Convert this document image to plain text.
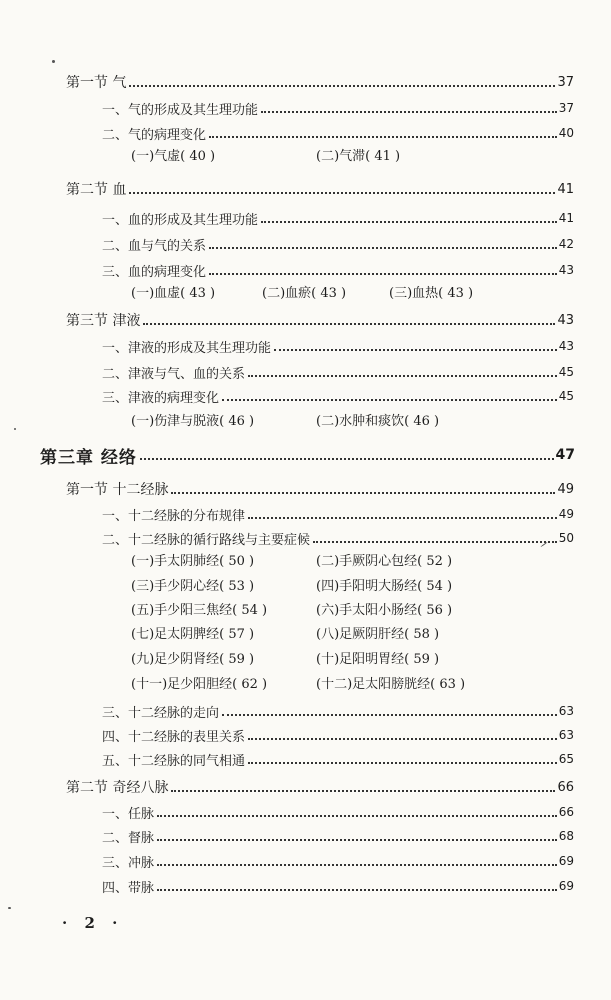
· 2 ·
第一节 气	37
一、气的形成及其生理功能	37
二、气的病理变化	40
(一)气虚( 40 )	(二)气滞( 41 )
第二节 血	41
一、血的形成及其生理功能	41
二、血与气的关系	42
三、血的病理变化	43
(一)血虚( 43 )	(二)血瘀( 43 )	(三)血热( 43 )
第三节 津液	43
一、津液的形成及其生理功能	43
二、津液与气、血的关系	45
三、津液的病理变化	45
(一)伤津与脱液( 46 )	(二)水肿和痰饮( 46 )
第三章 经络	47
第一节 十二经脉	49
一、十二经脉的分布规律	49
二、十二经脉的循行路线与主要症候	50
(一)手太阴肺经( 50 )	(二)手厥阴心包经( 52 )
(三)手少阴心经( 53 )	(四)手阳明大肠经( 54 )
(五)手少阳三焦经( 54 )	(六)手太阳小肠经( 56 )
(七)足太阴脾经( 57 )	(八)足厥阴肝经( 58 )
(九)足少阴肾经( 59 )	(十)足阳明胃经( 59 )
(十一)足少阳胆经( 62 )	(十二)足太阳膀胱经( 63 )
三、十二经脉的走向	63
四、十二经脉的表里关系	63
五、十二经脉的同气相通	65
第二节 奇经八脉	66
一、任脉	66
二、督脉	68
三、冲脉	69
四、带脉	69
